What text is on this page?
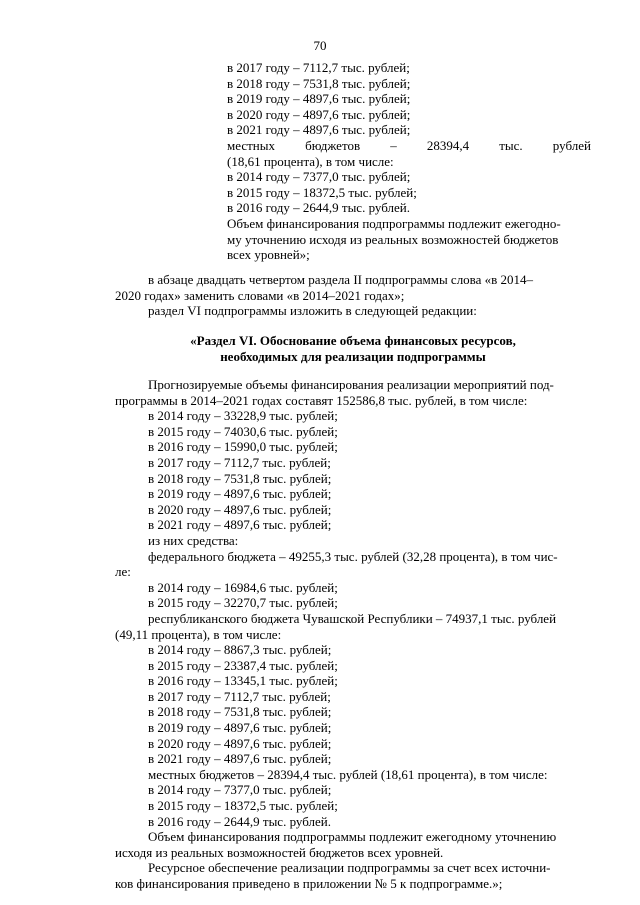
70
в 2017 году – 7112,7 тыс. рублей;
в 2018 году – 7531,8 тыс. рублей;
в 2019 году – 4897,6 тыс. рублей;
в 2020 году – 4897,6 тыс. рублей;
в 2021 году – 4897,6 тыс. рублей;
местных бюджетов – 28394,4 тыс. рублей
(18,61 процента), в том числе:
в 2014 году – 7377,0 тыс. рублей;
в 2015 году – 18372,5 тыс. рублей;
в 2016 году – 2644,9 тыс. рублей.
Объем финансирования подпрограммы подлежит ежегодно-
му уточнению исходя из реальных возможностей бюджетов
всех уровней»;
в абзаце двадцать четвертом раздела II подпрограммы слова «в 2014–
2020 годах» заменить словами «в 2014–2021 годах»;
раздел VI подпрограммы изложить в следующей редакции:
«Раздел VI. Обоснование объема финансовых ресурсов,
необходимых для реализации подпрограммы
Прогнозируемые объемы финансирования реализации мероприятий под-
программы в 2014–2021 годах составят 152586,8 тыс. рублей, в том числе:
в 2014 году – 33228,9 тыс. рублей;
в 2015 году – 74030,6 тыс. рублей;
в 2016 году – 15990,0 тыс. рублей;
в 2017 году – 7112,7 тыс. рублей;
в 2018 году – 7531,8 тыс. рублей;
в 2019 году – 4897,6 тыс. рублей;
в 2020 году – 4897,6 тыс. рублей;
в 2021 году – 4897,6 тыс. рублей;
из них средства:
федерального бюджета – 49255,3 тыс. рублей (32,28 процента), в том чис-
ле:
в 2014 году – 16984,6 тыс. рублей;
в 2015 году – 32270,7 тыс. рублей;
республиканского бюджета Чувашской Республики – 74937,1 тыс. рублей
(49,11 процента), в том числе:
в 2014 году – 8867,3 тыс. рублей;
в 2015 году – 23387,4 тыс. рублей;
в 2016 году – 13345,1 тыс. рублей;
в 2017 году – 7112,7 тыс. рублей;
в 2018 году – 7531,8 тыс. рублей;
в 2019 году – 4897,6 тыс. рублей;
в 2020 году – 4897,6 тыс. рублей;
в 2021 году – 4897,6 тыс. рублей;
местных бюджетов – 28394,4 тыс. рублей (18,61 процента), в том числе:
в 2014 году – 7377,0 тыс. рублей;
в 2015 году – 18372,5 тыс. рублей;
в 2016 году – 2644,9 тыс. рублей.
Объем финансирования подпрограммы подлежит ежегодному уточнению
исходя из реальных возможностей бюджетов всех уровней.
Ресурсное обеспечение реализации подпрограммы за счет всех источни-
ков финансирования приведено в приложении № 5 к подпрограмме.»;
